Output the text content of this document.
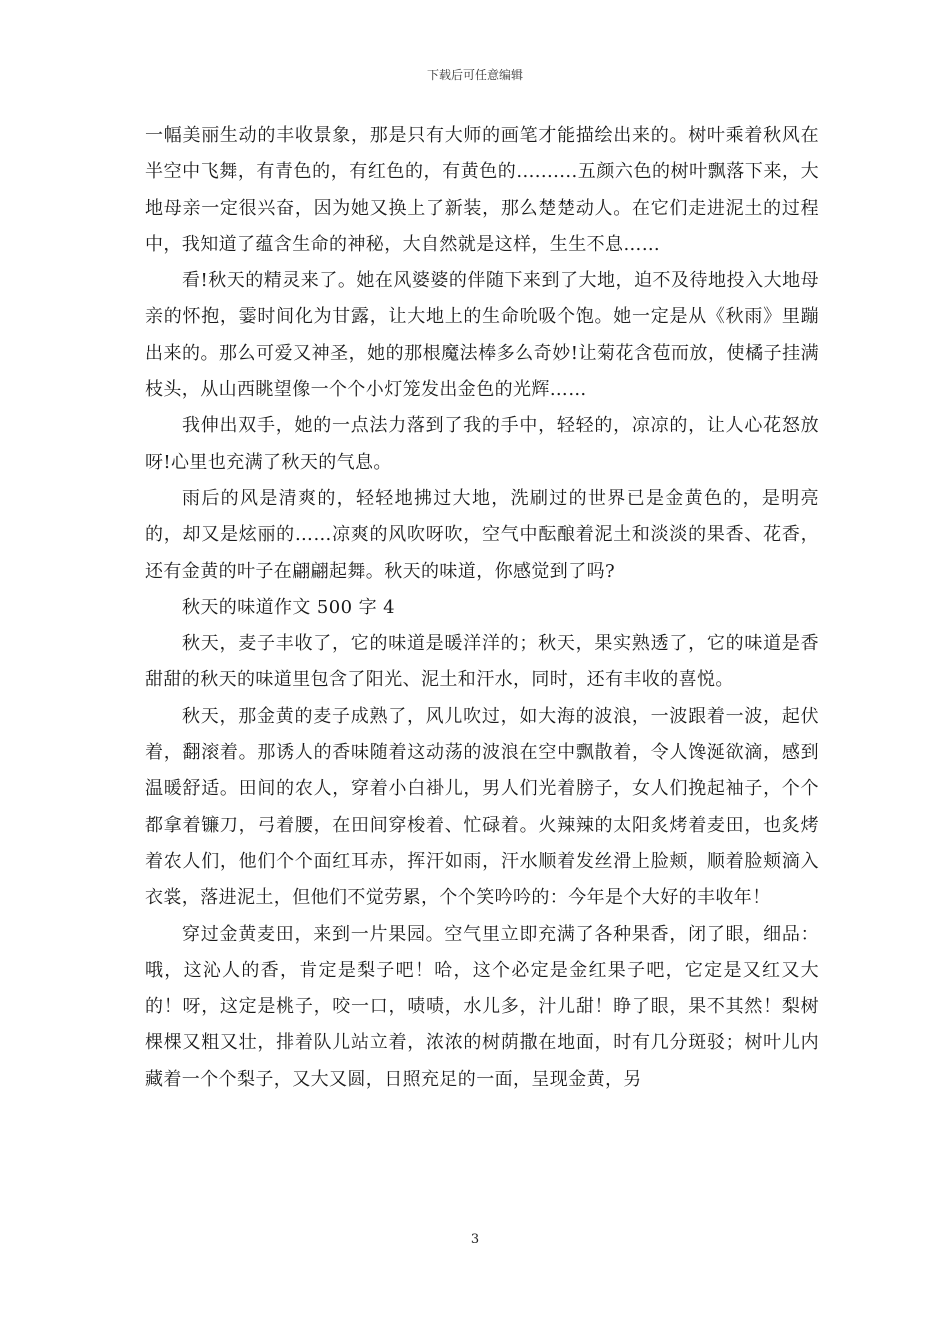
下载后可任意编辑

一幅美丽生动的丰收景象，那是只有大师的画笔才能描绘出来的。树叶乘着秋风在半空中飞舞，有青色的，有红色的，有黄色的..........五颜六色的树叶飘落下来，大地母亲一定很兴奋，因为她又换上了新装，那么楚楚动人。在它们走进泥土的过程中，我知道了蕴含生命的神秘，大自然就是这样，生生不息……

看!秋天的精灵来了。她在风婆婆的伴随下来到了大地，迫不及待地投入大地母亲的怀抱，霎时间化为甘露，让大地上的生命吮吸个饱。她一定是从《秋雨》里蹦出来的。那么可爱又神圣，她的那根魔法棒多么奇妙!让菊花含苞而放，使橘子挂满枝头，从山西眺望像一个个小灯笼发出金色的光辉……

我伸出双手，她的一点法力落到了我的手中，轻轻的，凉凉的，让人心花怒放呀!心里也充满了秋天的气息。

雨后的风是清爽的，轻轻地拂过大地，洗刷过的世界已是金黄色的，是明亮的，却又是炫丽的……凉爽的风吹呀吹，空气中酝酿着泥土和淡淡的果香、花香，还有金黄的叶子在翩翩起舞。秋天的味道，你感觉到了吗?

秋天的味道作文 500 字 4

秋天，麦子丰收了，它的味道是暖洋洋的；秋天，果实熟透了，它的味道是香甜甜的秋天的味道里包含了阳光、泥土和汗水，同时，还有丰收的喜悦。

秋天，那金黄的麦子成熟了，风儿吹过，如大海的波浪，一波跟着一波，起伏着，翻滚着。那诱人的香味随着这动荡的波浪在空中飘散着，令人馋涎欲滴，感到温暖舒适。田间的农人，穿着小白褂儿，男人们光着膀子，女人们挽起袖子，个个都拿着镰刀，弓着腰，在田间穿梭着、忙碌着。火辣辣的太阳炙烤着麦田，也炙烤着农人们，他们个个面红耳赤，挥汗如雨，汗水顺着发丝滑上脸颊，顺着脸颊滴入衣裳，落进泥土，但他们不觉劳累，个个笑吟吟的：今年是个大好的丰收年！

穿过金黄麦田，来到一片果园。空气里立即充满了各种果香，闭了眼，细品：哦，这沁人的香，肯定是梨子吧！哈，这个必定是金红果子吧，它定是又红又大的！呀，这定是桃子，咬一口，啧啧，水儿多，汁儿甜！睁了眼，果不其然！梨树棵棵又粗又壮，排着队儿站立着，浓浓的树荫撒在地面，时有几分斑驳；树叶儿内藏着一个个梨子，又大又圆，日照充足的一面，呈现金黄，另

3
